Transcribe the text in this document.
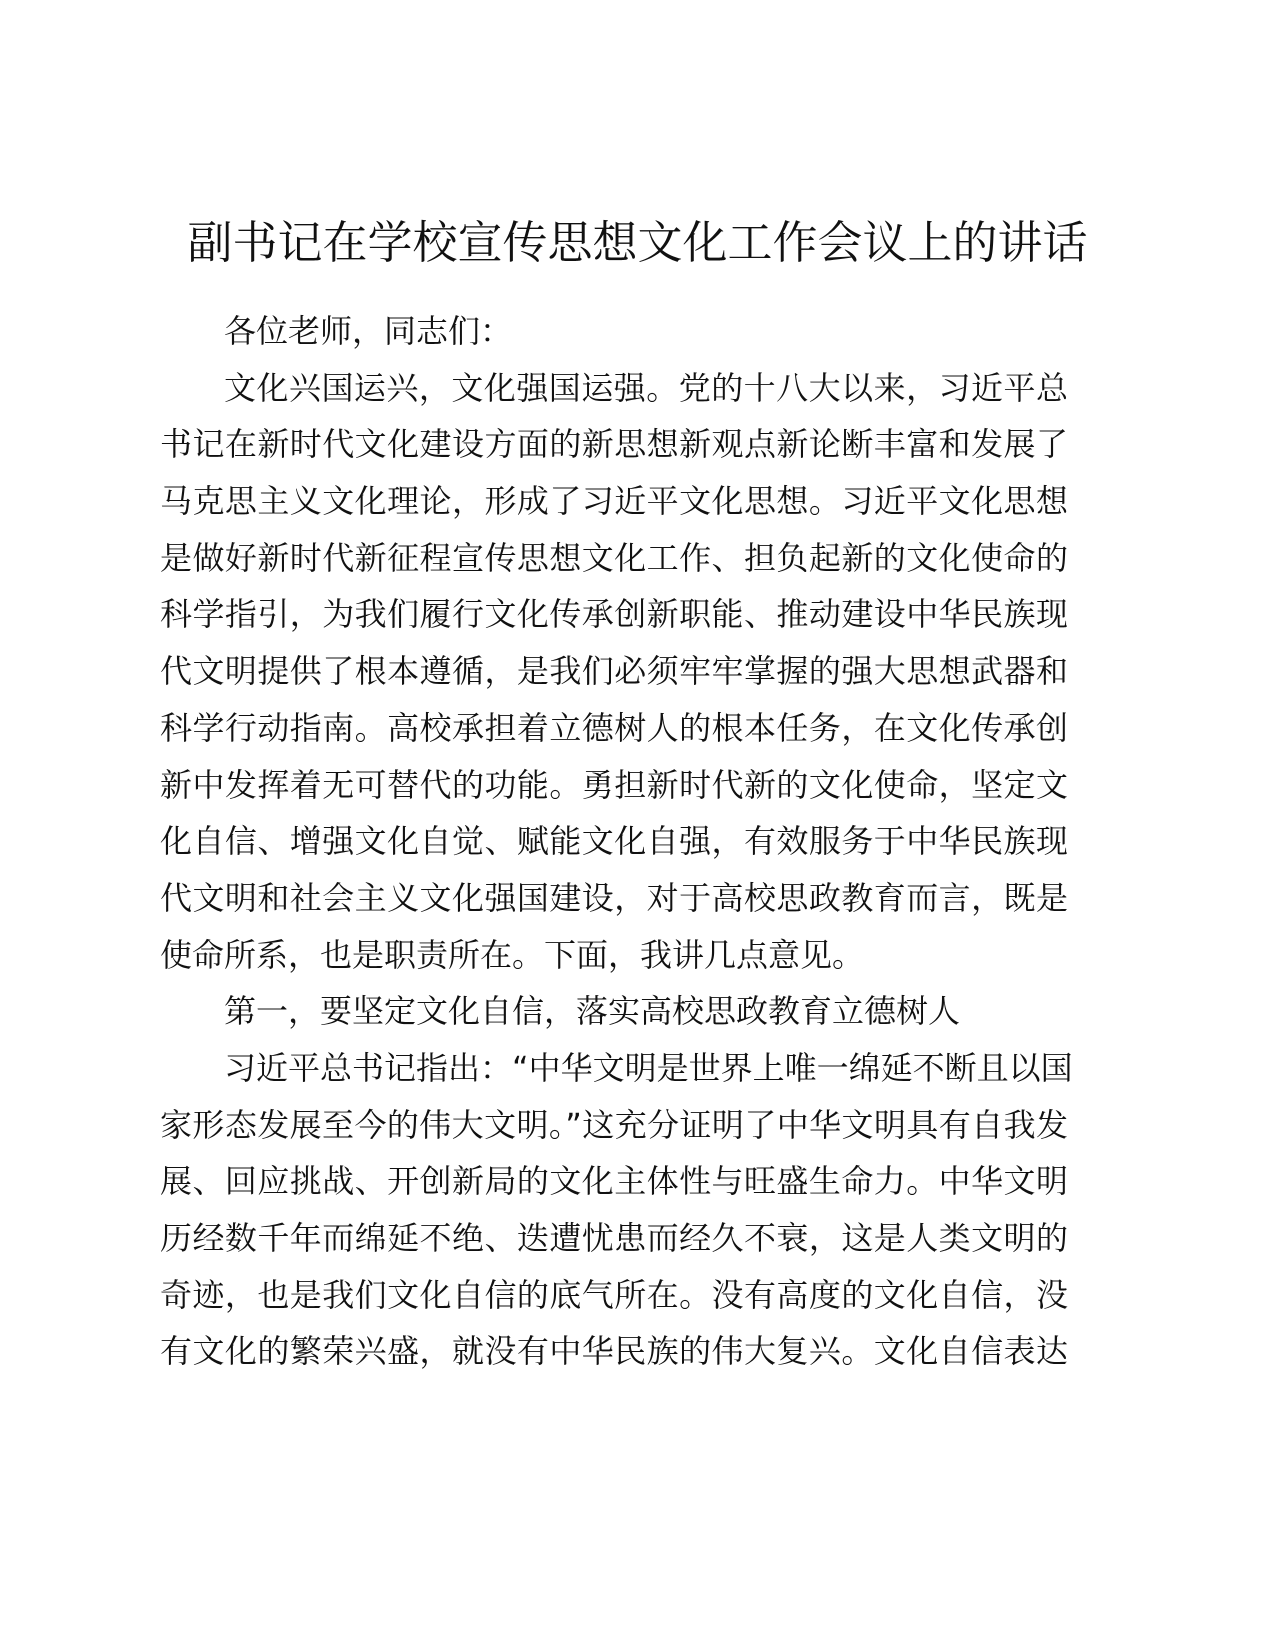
副书记在学校宣传思想文化工作会议上的讲话
各位老师，同志们：
文化兴国运兴，文化强国运强。党的十八大以来，习近平总
书记在新时代文化建设方面的新思想新观点新论断丰富和发展了
马克思主义文化理论，形成了习近平文化思想。习近平文化思想
是做好新时代新征程宣传思想文化工作、担负起新的文化使命的
科学指引，为我们履行文化传承创新职能、推动建设中华民族现
代文明提供了根本遵循，是我们必须牢牢掌握的强大思想武器和
科学行动指南。高校承担着立德树人的根本任务，在文化传承创
新中发挥着无可替代的功能。勇担新时代新的文化使命，坚定文
化自信、增强文化自觉、赋能文化自强，有效服务于中华民族现
代文明和社会主义文化强国建设，对于高校思政教育而言，既是
使命所系，也是职责所在。下面，我讲几点意见。
第一，要坚定文化自信，落实高校思政教育立德树人
习近平总书记指出：“中华文明是世界上唯一绵延不断且以国
家形态发展至今的伟大文明。”这充分证明了中华文明具有自我发
展、回应挑战、开创新局的文化主体性与旺盛生命力。中华文明
历经数千年而绵延不绝、迭遭忧患而经久不衰，这是人类文明的
奇迹，也是我们文化自信的底气所在。没有高度的文化自信，没
有文化的繁荣兴盛，就没有中华民族的伟大复兴。文化自信表达
